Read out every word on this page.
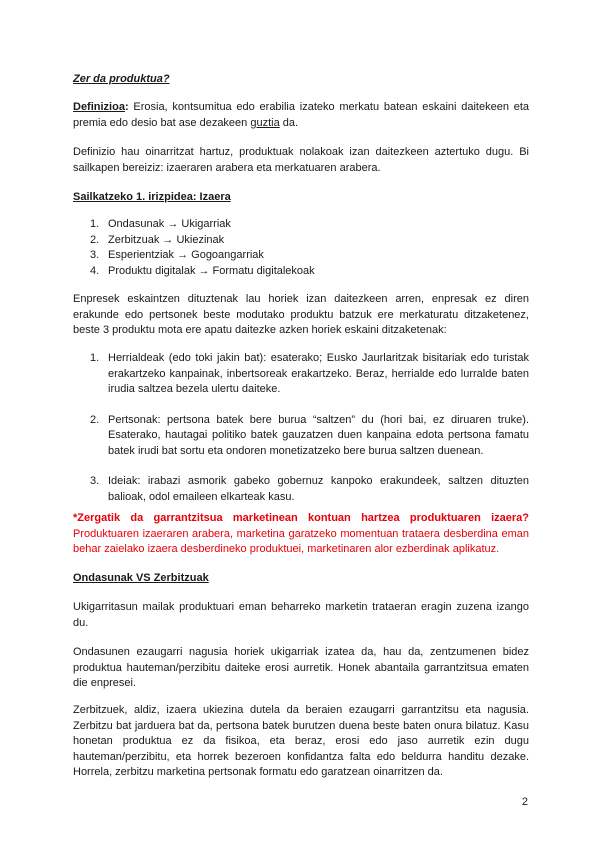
Zer da produktua?
Definizioa: Erosia, kontsumitua edo erabilia izateko merkatu batean eskaini daitekeen eta premia edo desio bat ase dezakeen guztia da.
Definizio hau oinarritzat hartuz, produktuak nolakoak izan daitezkeen aztertuko dugu. Bi sailkapen bereiziz: izaeraren arabera eta merkatuaren arabera.
Sailkatzeko 1. irizpidea: Izaera
1. Ondasunak → Ukigarriak
2. Zerbitzuak → Ukiezinak
3. Esperientziak → Gogoangarriak
4. Produktu digitalak → Formatu digitalekoak
Enpresek eskaintzen dituztenak lau horiek izan daitezkeen arren, enpresak ez diren erakunde edo pertsonek beste modutako produktu batzuk ere merkaturatu ditzaketenez, beste 3 produktu mota ere apatu daitezke azken horiek eskaini ditzaketenak:
1. Herrialdeak (edo toki jakin bat): esaterako; Eusko Jaurlaritzak bisitariak edo turistak erakartzeko kanpainak, inbertsoreak erakartzeko. Beraz, herrialde edo lurralde baten irudia saltzea bezela ulertu daiteke.
2. Pertsonak: pertsona batek bere burua “saltzen” du (hori bai, ez diruaren truke). Esaterako, hautagai politiko batek gauzatzen duen kanpaina edota pertsona famatu batek irudi bat sortu eta ondoren monetizatzeko bere burua saltzen duenean.
3. Ideiak: irabazi asmorik gabeko gobernuz kanpoko erakundeek, saltzen dituzten balioak, odol emaileen elkarteak kasu.
*Zergatik da garrantzitsua marketinean kontuan hartzea produktuaren izaera? Produktuaren izaeraren arabera, marketina garatzeko momentuan trataera desberdina eman behar zaielako izaera desberdineko produktuei, marketinaren alor ezberdinak aplikatuz.
Ondasunak VS Zerbitzuak
Ukigarritasun mailak produktuari eman beharreko marketin trataeran eragin zuzena izango du.
Ondasunen ezaugarri nagusia horiek ukigarriak izatea da, hau da, zentzumenen bidez produktua hauteman/perzibitu daiteke erosi aurretik. Honek abantaila garrantzitsua ematen die enpresei.
Zerbitzuek, aldiz, izaera ukiezina dutela da beraien ezaugarri garrantzitsu eta nagusia. Zerbitzu bat jarduera bat da, pertsona batek burutzen duena beste baten onura bilatuz. Kasu honetan produktua ez da fisikoa, eta beraz, erosi edo jaso aurretik ezin dugu hauteman/perzibitu, eta horrek bezeroen konfidantza falta edo beldurra handitu dezake. Horrela, zerbitzu marketina pertsonak formatu edo garatzean oinarritzen da.
2
